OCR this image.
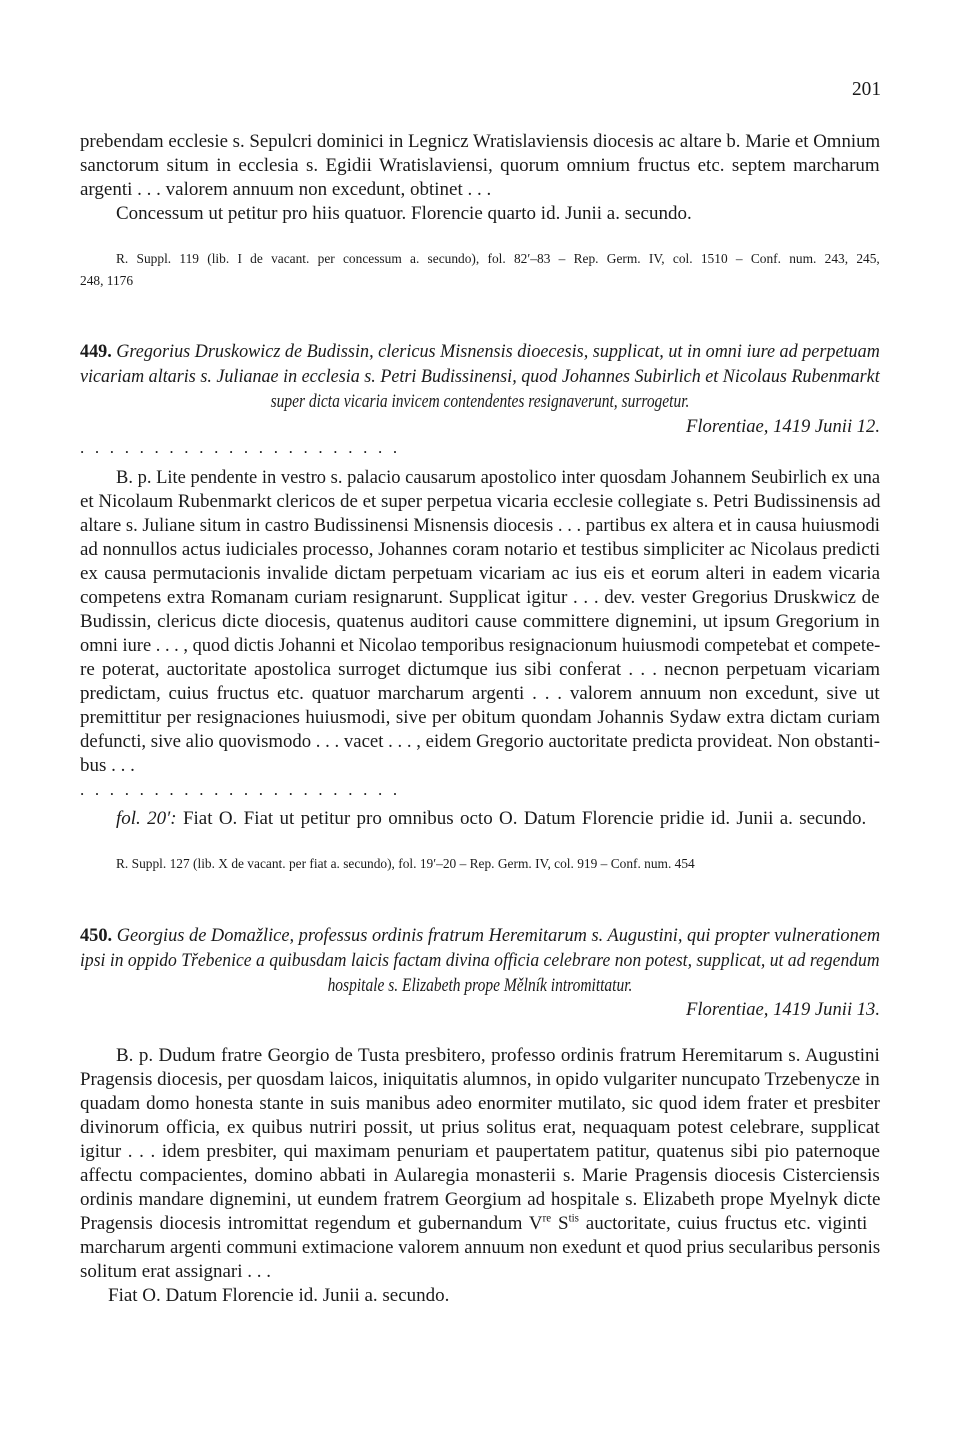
201
prebendam ecclesie s. Sepulcri dominici in Legnicz Wratislaviensis diocesis ac altare b. Marie et Omnium
sanctorum situm in ecclesia s. Egidii Wratislaviensi, quorum omnium fructus etc. septem marcharum
argenti . . . valorem annuum non excedunt, obtinet . . .
Concessum ut petitur pro hiis quatuor. Florencie quarto id. Junii a. secundo.
R. Suppl. 119 (lib. I de vacant. per concessum a. secundo), fol. 82′–83 – Rep. Germ. IV, col. 1510 – Conf. num. 243, 245,
248, 1176
449. Gregorius Druskowicz de Budissin, clericus Misnensis dioecesis, supplicat, ut in omni iure ad perpetuam
vicariam altaris s. Julianae in ecclesia s. Petri Budissinensi, quod Johannes Subirlich et Nicolaus Rubenmarkt
super dicta vicaria invicem contendentes resignaverunt, surrogetur.
Florentiae, 1419 Junii 12.
. . . . . . . . . . . . . . . . . . . . . .
B. p. Lite pendente in vestro s. palacio causarum apostolico inter quosdam Johannem Seubirlich ex una
et Nicolaum Rubenmarkt clericos de et super perpetua vicaria ecclesie collegiate s. Petri Budissinensis ad
altare s. Juliane situm in castro Budissinensi Misnensis diocesis . . . partibus ex altera et in causa huiusmodi
ad nonnullos actus iudiciales processo, Johannes coram notario et testibus simpliciter ac Nicolaus predicti
ex causa permutacionis invalide dictam perpetuam vicariam ac ius eis et eorum alteri in eadem vicaria
competens extra Romanam curiam resignarunt. Supplicat igitur . . . dev. vester Gregorius Druskwicz de
Budissin, clericus dicte diocesis, quatenus auditori cause committere dignemini, ut ipsum Gregorium in
omni iure . . . , quod dictis Johanni et Nicolao temporibus resignacionum huiusmodi competebat et compete-
re poterat, auctoritate apostolica surroget dictumque ius sibi conferat . . . necnon perpetuam vicariam
predictam, cuius fructus etc. quatuor marcharum argenti . . . valorem annuum non excedunt, sive ut
premittitur per resignaciones huiusmodi, sive per obitum quondam Johannis Sydaw extra dictam curiam
defuncti, sive alio quovismodo . . . vacet . . . , eidem Gregorio auctoritate predicta provideat. Non obstanti-
bus . . .
. . . . . . . . . . . . . . . . . . . . . .
fol. 20′: Fiat O. Fiat ut petitur pro omnibus octo O. Datum Florencie pridie id. Junii a. secundo.
R. Suppl. 127 (lib. X de vacant. per fiat a. secundo), fol. 19′–20 – Rep. Germ. IV, col. 919 – Conf. num. 454
450. Georgius de Domažlice, professus ordinis fratrum Heremitarum s. Augustini, qui propter vulnerationem
ipsi in oppido Třebenice a quibusdam laicis factam divina officia celebrare non potest, supplicat, ut ad regendum
hospitale s. Elizabeth prope Mělník intromittatur.
Florentiae, 1419 Junii 13.
B. p. Dudum fratre Georgio de Tusta presbitero, professo ordinis fratrum Heremitarum s. Augustini
Pragensis diocesis, per quosdam laicos, iniquitatis alumnos, in opido vulgariter nuncupato Trzebenycze in
quadam domo honesta stante in suis manibus adeo enormiter mutilato, sic quod idem frater et presbiter
divinorum officia, ex quibus nutriri possit, ut prius solitus erat, nequaquam potest celebrare, supplicat
igitur . . . idem presbiter, qui maximam penuriam et paupertatem patitur, quatenus sibi pio paternoque
affectu compacientes, domino abbati in Aularegia monasterii s. Marie Pragensis diocesis Cisterciensis
ordinis mandare dignemini, ut eundem fratrem Georgium ad hospitale s. Elizabeth prope Myelnyk dicte
Pragensis diocesis intromittat regendum et gubernandum Vre $S^{tis}$ auctoritate, cuius fructus etc. viginti
marcharum argenti communi extimacione valorem annuum non exedunt et quod prius secularibus personis
solitum erat assignari . . .
Fiat O. Datum Florencie id. Junii a. secundo.
